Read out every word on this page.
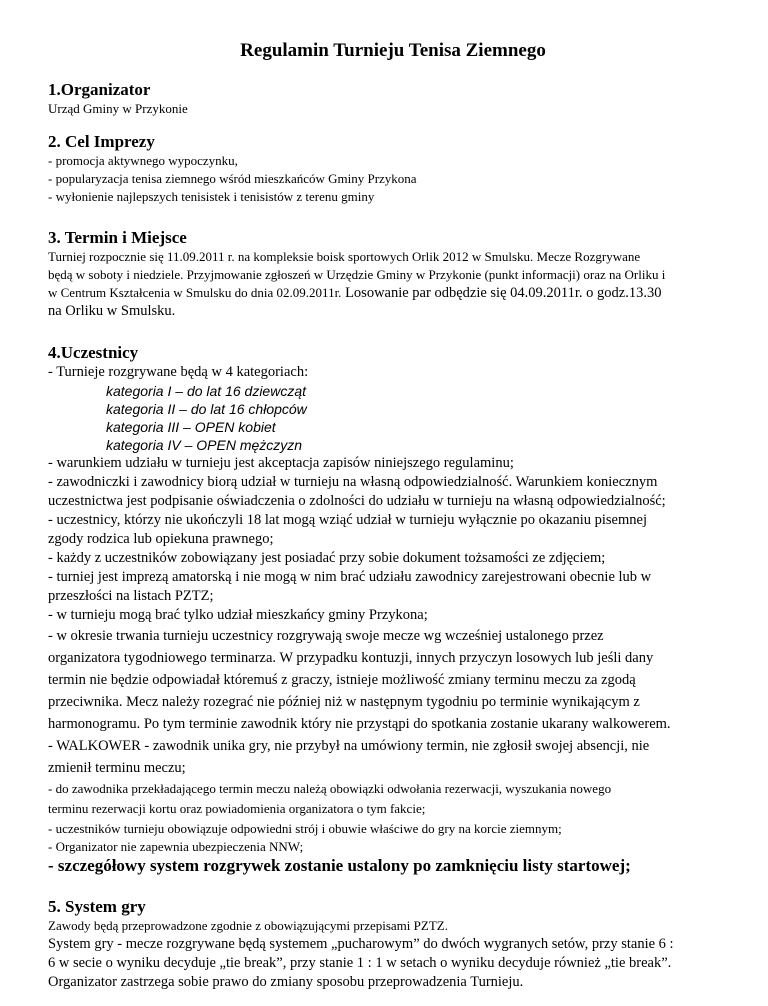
Regulamin Turnieju Tenisa Ziemnego

1.Organizator

Urząd Gminy w Przykonie

2. Cel Imprezy

- promocja aktywnego wypoczynku,

- popularyzacja tenisa ziemnego wśród mieszkańców Gminy Przykona

- wyłonienie najlepszych tenisistek i tenisistów z terenu gminy

3. Termin i Miejsce

Turniej rozpocznie się 11.09.2011 r. na kompleksie boisk sportowych Orlik 2012 w Smulsku. Mecze Rozgrywane

będą w soboty i niedziele. Przyjmowanie zgłoszeń w Urzędzie Gminy w Przykonie (punkt informacji) oraz na Orliku i

w Centrum Kształcenia w Smulsku do dnia 02.09.2011r. Losowanie par odbędzie się 04.09.2011r. o godz.13.30

na Orliku w Smulsku.

4.Uczestnicy

- Turnieje rozgrywane będą w 4 kategoriach:

kategoria I – do lat 16 dziewcząt

kategoria II – do lat 16 chłopców

kategoria III – OPEN kobiet

kategoria IV – OPEN mężczyzn

- warunkiem udziału w turnieju jest akceptacja zapisów niniejszego regulaminu;

- zawodniczki i zawodnicy biorą udział w turnieju na własną odpowiedzialność. Warunkiem koniecznym

uczestnictwa jest podpisanie oświadczenia o zdolności do udziału w turnieju na własną odpowiedzialność;

- uczestnicy, którzy nie ukończyli 18 lat mogą wziąć udział w turnieju wyłącznie po okazaniu pisemnej

zgody rodzica lub opiekuna prawnego;

- każdy z uczestników zobowiązany jest posiadać przy sobie dokument tożsamości ze zdjęciem;

- turniej jest imprezą amatorską i nie mogą w nim brać udziału zawodnicy zarejestrowani obecnie lub w

przeszłości na listach PZTZ;

- w turnieju mogą brać tylko udział mieszkańcy gminy Przykona;

- w okresie trwania turnieju uczestnicy rozgrywają swoje mecze wg wcześniej ustalonego przez

organizatora tygodniowego terminarza. W przypadku kontuzji, innych przyczyn losowych lub jeśli dany

termin nie będzie odpowiadał któremuś z graczy, istnieje możliwość zmiany terminu meczu za zgodą

przeciwnika. Mecz należy rozegrać nie później niż w następnym tygodniu po terminie wynikającym z

harmonogramu. Po tym terminie zawodnik który nie przystąpi do spotkania zostanie ukarany walkowerem.

- WALKOWER - zawodnik unika gry, nie przybył na umówiony termin, nie zgłosił swojej absencji, nie

zmienił terminu meczu;

- do zawodnika przekładającego termin meczu należą obowiązki odwołania rezerwacji, wyszukania nowego

terminu rezerwacji kortu oraz powiadomienia organizatora o tym fakcie;

- uczestników turnieju obowiązuje odpowiedni strój i obuwie właściwe do gry na korcie ziemnym;

- Organizator nie zapewnia ubezpieczenia NNW;

- szczegółowy system rozgrywek zostanie ustalony po zamknięciu listy startowej;

5. System gry

Zawody będą przeprowadzone zgodnie z obowiązującymi przepisami PZTZ.

System gry - mecze rozgrywane będą systemem „pucharowym” do dwóch wygranych setów, przy stanie 6 :

6 w secie o wyniku decyduje „tie break”, przy stanie 1 : 1 w setach o wyniku decyduje również „tie break”.

Organizator zastrzega sobie prawo do zmiany sposobu przeprowadzenia Turnieju.
